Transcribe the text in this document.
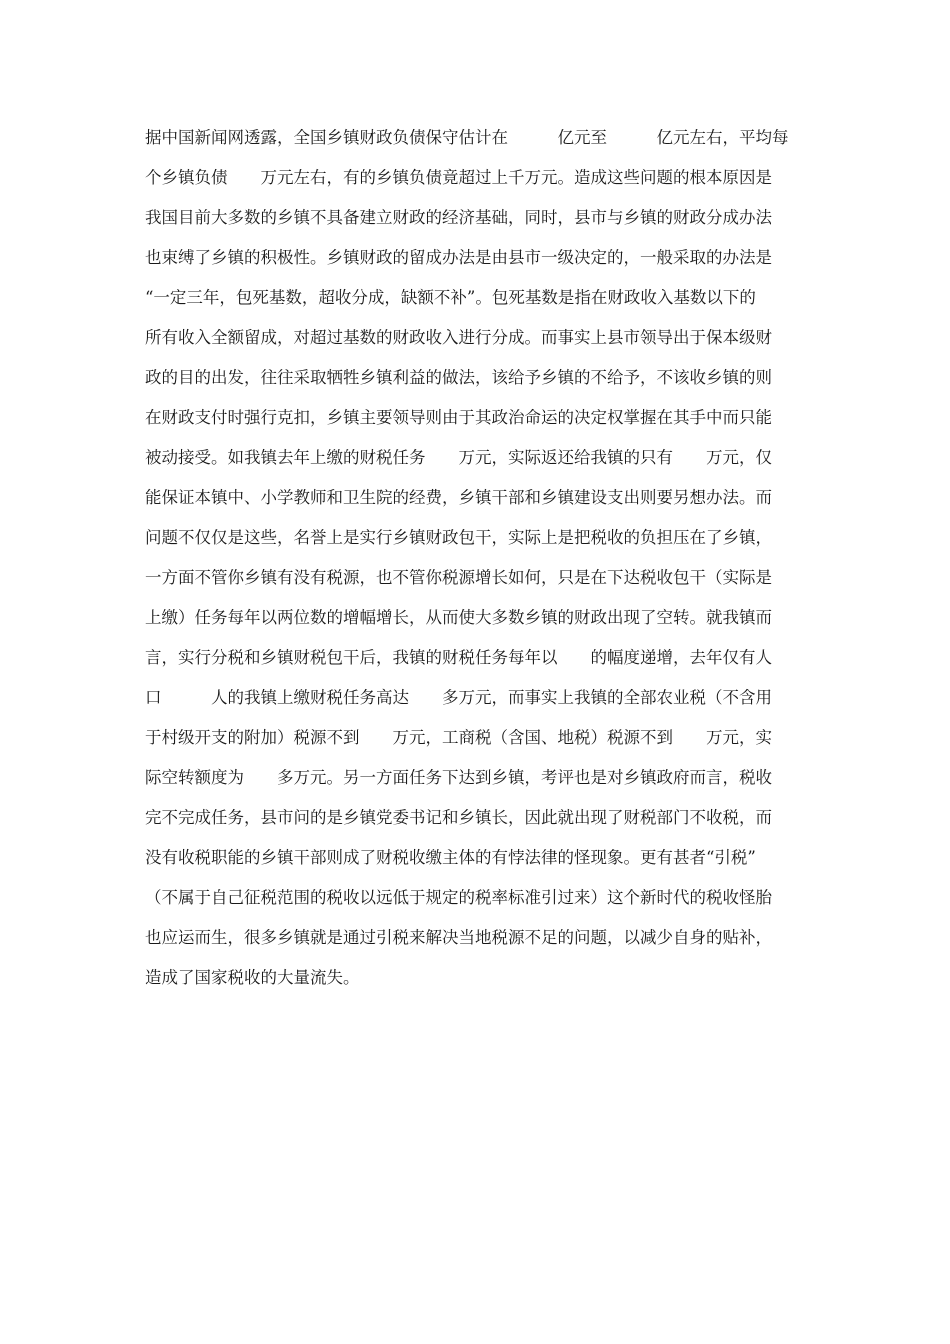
据中国新闻网透露，全国乡镇财政负债保守估计在　　　亿元至　　　亿元左右，平均每
个乡镇负债　　万元左右，有的乡镇负债竟超过上千万元。造成这些问题的根本原因是
我国目前大多数的乡镇不具备建立财政的经济基础，同时，县市与乡镇的财政分成办法
也束缚了乡镇的积极性。乡镇财政的留成办法是由县市一级决定的，一般采取的办法是
“一定三年，包死基数，超收分成，缺额不补”。包死基数是指在财政收入基数以下的
所有收入全额留成，对超过基数的财政收入进行分成。而事实上县市领导出于保本级财
政的目的出发，往往采取牺牲乡镇利益的做法，该给予乡镇的不给予，不该收乡镇的则
在财政支付时强行克扣，乡镇主要领导则由于其政治命运的决定权掌握在其手中而只能
被动接受。如我镇去年上缴的财税任务　　万元，实际返还给我镇的只有　　万元，仅
能保证本镇中、小学教师和卫生院的经费，乡镇干部和乡镇建设支出则要另想办法。而
问题不仅仅是这些，名誉上是实行乡镇财政包干，实际上是把税收的负担压在了乡镇，
一方面不管你乡镇有没有税源，也不管你税源增长如何，只是在下达税收包干（实际是
上缴）任务每年以两位数的增幅增长，从而使大多数乡镇的财政出现了空转。就我镇而
言，实行分税和乡镇财税包干后，我镇的财税任务每年以　　的幅度递增，去年仅有人
口　　　人的我镇上缴财税任务高达　　多万元，而事实上我镇的全部农业税（不含用
于村级开支的附加）税源不到　　万元，工商税（含国、地税）税源不到　　万元，实
际空转额度为　　多万元。另一方面任务下达到乡镇，考评也是对乡镇政府而言，税收
完不完成任务，县市问的是乡镇党委书记和乡镇长，因此就出现了财税部门不收税，而
没有收税职能的乡镇干部则成了财税收缴主体的有悖法律的怪现象。更有甚者“引税”
（不属于自己征税范围的税收以远低于规定的税率标准引过来）这个新时代的税收怪胎
也应运而生，很多乡镇就是通过引税来解决当地税源不足的问题，以减少自身的贴补，
造成了国家税收的大量流失。
